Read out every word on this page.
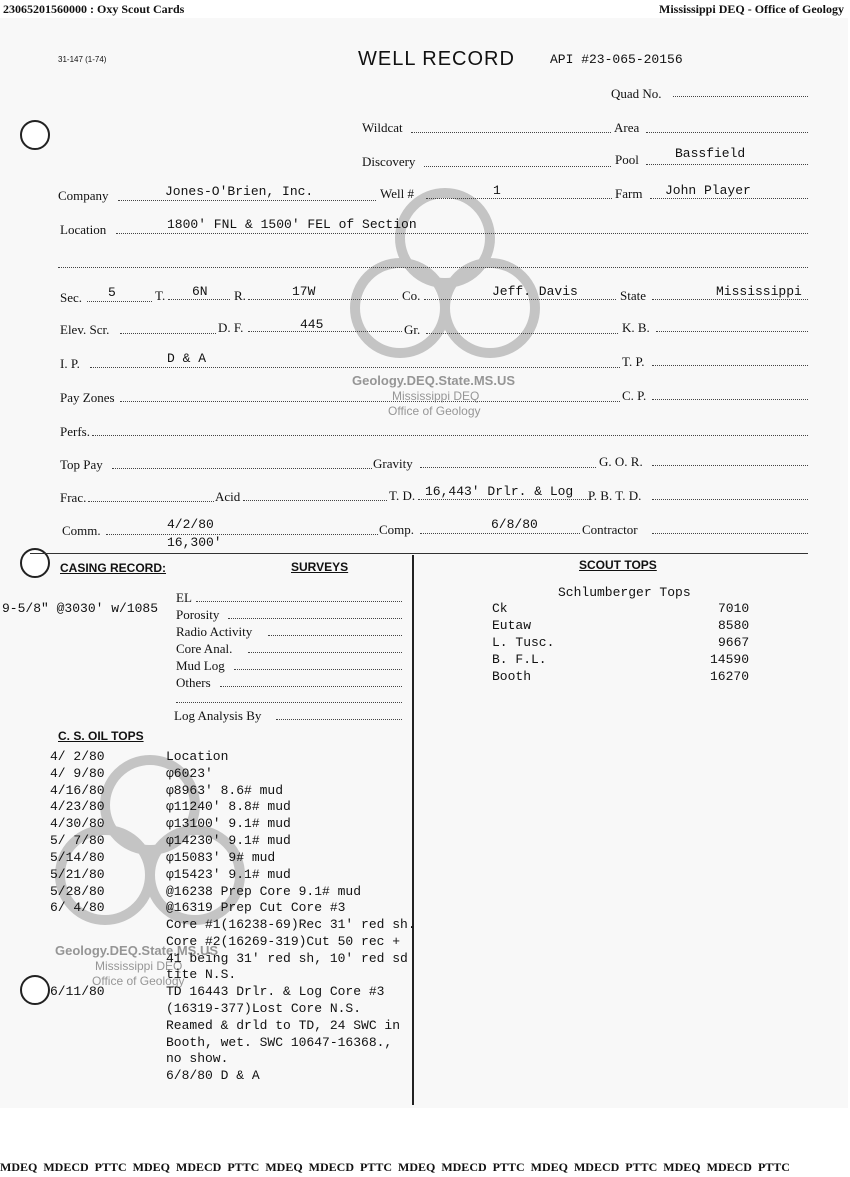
23065201560000 : Oxy Scout Cards	Mississippi DEQ - Office of Geology
Geology.DEQ.State.MS.US
Mississippi DEQ
Office of Geology
Geology.DEQ.State.MS.US
Mississippi DEQ
Office of Geology
31-147 (1-74)	WELL RECORD	API #23-065-20156
Quad No.
Wildcat	Area
Discovery	Pool	Bassfield
Company	Jones-O'Brien, Inc.	Well #	1	Farm John Player
Location	1800' FNL & 1500' FEL of Section
Sec. 5	T. 6N R.	17W	Co.	Jeff. Davis	State	Mississippi
Elev. Scr.	D. F.	445	Gr.	K. B.
I. P.	D & A	T. P.
Pay Zones	C. P.
Perfs.
Top Pay	Gravity	G. O. R.
Frac.	Acid	T. D. 16,443' Drlr. & Log P. B. T. D.
Comm.	4/2/80
16,300'
Comp.	6/8/80	Contractor
CASING RECORD:
9-5/8" @3030' w/1085
SURVEYS
EL
Porosity
Radio Activity
Core Anal.
Mud Log
Others
Log Analysis By
SCOUT TOPS
Schlumberger Tops
Ck	7010
Eutaw	8580
L. Tusc.	9667
B. F.L.	14590
Booth	16270
C. S. OIL TOPS
4/ 2/80	Location
4/ 9/80	φ6023'
4/16/80	φ8963' 8.6# mud
4/23/80	φ11240' 8.8# mud
4/30/80	φ13100' 9.1# mud
5/ 7/80	φ14230' 9.1# mud
5/14/80	φ15083' 9# mud
5/21/80	φ15423' 9.1# mud
5/28/80	@16238 Prep Core 9.1# mud
6/ 4/80	@16319 Prep Cut Core #3
Core #1(16238-69)Rec 31' red sh.
Core #2(16269-319)Cut 50 rec +
41 being 31' red sh, 10' red sd
tite N.S.
6/11/80	TD 16443 Drlr. & Log Core #3
(16319-377)Lost Core N.S.
Reamed & drld to TD, 24 SWC in
Booth, wet. SWC 10647-16368.,
no show.
6/8/80 D & A
MDEQ  MDECD  PTTC  MDEQ  MDECD  PTTC  MDEQ  MDECD  PTTC  MDEQ  MDECD  PTTC  MDEQ  MDECD  PTTC  MDEQ  MDECD  PTTC
